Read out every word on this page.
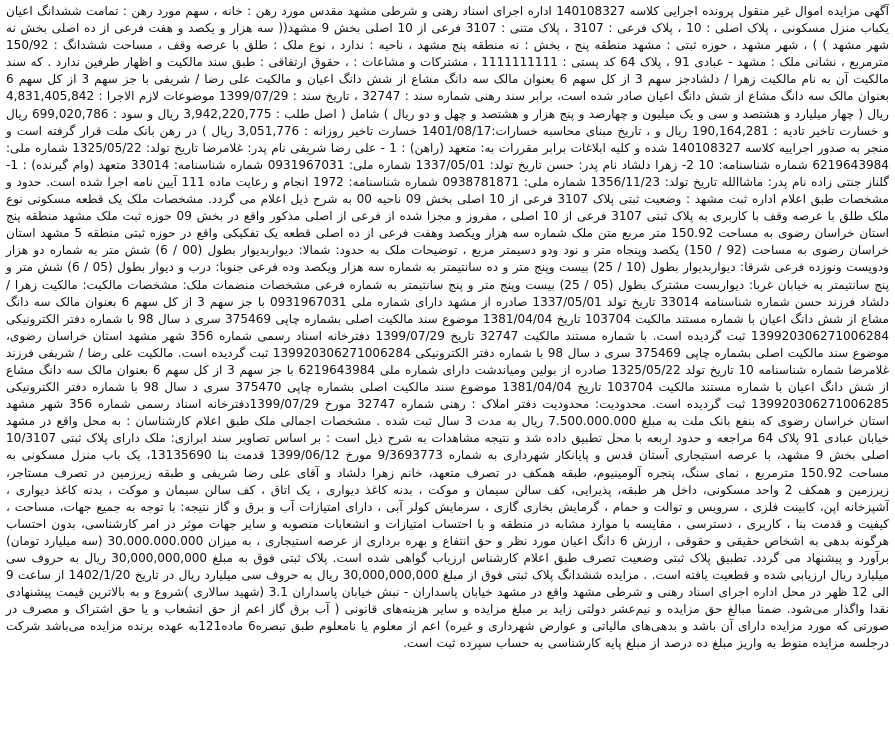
آگهی مزایده اموال غیر منقول پرونده اجرایی کلاسه 140108327 اداره اجرای اسناد رهنی و شرطی مشهد مقدس مورد رهن : خانه ، سهم مورد رهن : تمامت ششدانگ اعیان یکباب منزل مسکونی ، پلاک اصلی : 10 ، پلاک فرعی : 3107 ، پلاک متنی : 3107 فرعی از 10 اصلی بخش 9 مشهد(( سه هزار و یکصد و هفت فرعی از ده اصلی بخش نه شهر مشهد ) ) ، شهر مشهد ، حوزه ثبتی : مشهد منطقه پنج ، بخش : نه منطقه پنج مشهد ، ناحیه : ندارد ، نوع ملک : طلق با عرصه وقف ، مساحت ششدانگ : 150/92 مترمربع ، نشانی ملک : مشهد - عبادی 91 ، پلاک 64 کد پستی : 1111111111 ، مشترکات و مشاعات : ، حقوق ارتفاقی : طبق سند مالکیت و اظهار طرفین ندارد . که سند مالکیت آن به نام مالکیت زهرا / دلشادجز سهم 3 از کل سهم 6 بعنوان مالک سه دانگ مشاع از شش دانگ اعیان و مالکیت علی رضا / شریفی با جز سهم 3 از کل سهم 6 بعنوان مالک سه دانگ مشاع از شش دانگ اعیان صادر شده است، برابر سند رهنی شماره سند : 32747 ، تاریخ سند : 1399/07/29 موضوعات لازم الاجرا : 4,831,405,842 ریال ( چهار میلیارد و هشتصد و سی و یک میلیون و چهارصد و پنج هزار و هشتصد و چهل و دو ریال ) شامل ( اصل طلب : 3,942,220,775 ریال و سود : 699,020,786 ریال و خسارت تاخیر تادیه : 190,164,281 ریال و ، تاریخ مبنای محاسبه خسارات:1401/08/17 خسارت تاخیر روزانه : 3,051,776 ریال ) در رهن بانک ملت قرار گرفته است و منجر به صدور اجراییه کلاسه 140108327 شده و کلیه ابلاغات برابر مقررات به: متعهد (راهن) : 1 - علی رضا شریفی نام پدر: غلامرضا تاریخ تولد: 1325/05/22 شماره ملی: 6219643984 شماره شناسنامه: 10 2- زهرا دلشاد نام پدر: حسن تاریخ تولد: 1337/05/01 شماره ملی: 0931967031 شماره شناسنامه: 33014 متعهد (وام گیرنده) : 1- گلناز جنتی زاده نام پدر: ماشاالله تاریخ تولد: 1356/11/23 شماره ملی: 0938781871 شماره شناسنامه: 1972 انجام و رعایت ماده 111 آیین نامه اجرا شده است. حدود و مشخصات طبق اعلام اداره ثبت مشهد : وضعیت ثبتی پلاک 3107 فرعی از 10 اصلی بخش 09 ناحیه 00 به شرح ذیل اعلام می گردد. مشخصات ملک یک قطعه مسکونی نوع ملک طلق با عرصه وقف با کاربری به پلاک ثبتی 3107 فرعی از 10 اصلی ، مفروز و مجزا شده از فرعی از اصلی مذکور واقع در بخش 09 حوزه ثبت ملک مشهد منطقه پنج استان خراسان رضوی به مساحت 150.92 متر مربع متن ملک شماره سه هزار ویکصد وهفت فرعی از ده اصلی قطعه یک تفکیکی واقع در حوزه ثبتی منطقه 5 مشهد استان خراسان رضوی به مساحت (92 / 150) یکصد وپنجاه متر و نود ودو دسیمتر مربع ، توضیحات ملک به حدود: شمالا: دیواربدیوار بطول (00 / 6) شش متر به شماره دو هزار ودویست ونوزده فرعی شرقا: دیواربدیوار بطول (10 / 25) بیست وپنج متر و ده سانتیمتر به شماره سه هزار ویکصد وده فرعی جنوبا: درب و دیوار بطول (05 / 6) شش متر و پنج سانتیمتر به خیابان غربا: دیواربست مشترک بطول (05 / 25) بیست وپنج متر و پنج سانتیمتر به شماره فرعی مشخصات منضمات ملک: مشخصات مالکیت: مالکیت زهرا / دلشاد فرزند حسن شماره شناسنامه 33014 تاریخ تولد 1337/05/01 صادره از مشهد دارای شماره ملی 0931967031 با جز سهم 3 از کل سهم 6 بعنوان مالک سه دانگ مشاع از شش دانگ اعیان با شماره مستند مالکیت 103704 تاریخ 1381/04/04 موضوع سند مالکیت اصلی بشماره چاپی 375469 سری د سال 98 با شماره دفتر الکترونیکی 139920306271006284 ثبت گردیده است. با شماره مستند مالکیت 32747 تاریخ 1399/07/29 دفترخانه اسناد رسمی شماره 356 شهر مشهد استان خراسان رضوی، موضوع سند مالکیت اصلی بشماره چاپی 375469 سری د سال 98 با شماره دفتر الکترونیکی 139920306271006284 ثبت گردیده است. مالکیت علی رضا / شریفی فرزند غلامرضا شماره شناسنامه 10 تاریخ تولد 1325/05/22 صادره از بولین ومیاندشت دارای شماره ملی 6219643984 با جز سهم 3 از کل سهم 6 بعنوان مالک سه دانگ مشاع از شش دانگ اعیان با شماره مستند مالکیت 103704 تاریخ 1381/04/04 موضوع سند مالکیت اصلی بشماره چاپی 375470 سری د سال 98 با شماره دفتر الکترونیکی 139920306271006285 ثبت گردیده است. محدودیت: محدودیت دفتر املاک : رهنی شماره 32747 مورخ 1399/07/29دفترخانه اسناد رسمی شماره 356 شهر مشهد استان خراسان رضوی که بنفع بانک ملت به مبلغ 7.500.000.000 ریال به مدت 3 سال ثبت شده . مشخصات اجمالی ملک طبق اعلام کارشناسان : به محل واقع در مشهد خیابان عبادی 91 پلاک 64 مراجعه و حدود اربعه با محل تطبیق داده شد و نتیجه مشاهدات به شرح ذیل است : بر اساس تصاویر سند ابرازی: ملک دارای پلاک ثبتی 10/3107 اصلی بخش 9 مشهد، با عرصه استیجاری آستان قدس و پایانکار شهرداری به شماره 9/3693773 مورخ 1399/06/12 قدمت بنا 13135690، یک باب منزل مسکونی به مساحت 150.92 مترمربع ، نمای سنگ، پنجره آلومینیوم، طبقه همکف در تصرف متعهد، خانم زهرا دلشاد و آقای علی رضا شریفی و طبقه زیرزمین در تصرف مستاجر، زیرزمین و همکف 2 واحد مسکونی، داخل هر طبقه، پذیرایی، کف سالن سیمان و موکت ، بدنه کاغذ دیواری ، یک اتاق ، کف سالن سیمان و موکت ، بدنه کاغذ دیواری ، آشپزخانه اپن، کابینت فلزی ، سرویس و توالت و حمام ، گرمایش بخاری گازی ، سرمایش کولر آبی ، دارای امتیازات آب و برق و گاز نتیجه: با توجه به جمیع جهات، مساحت ، کیفیت و قدمت بنا ، کاربری ، دسترسی ، مقایسه با موارد مشابه در منطقه و با احتساب امتیازات و انشعابات منصوبه و سایر جهات موثر در امر کارشناسی، بدون احتساب هرگونه بدهی به اشخاص حقیقی و حقوقی ، ارزش 6 دانگ اعیان مورد نظر و حق انتفاع و بهره برداری از عرصه استیجاری ، به میزان 30.000.000.000 (سه میلیارد تومان) برآورد و پیشنهاد می گردد. تطبیق پلاک ثبتی وضعیت تصرف طبق اعلام کارشناس ارزیاب گواهی شده است. پلاک ثبتی فوق به مبلغ 30,000,000,000 ریال به حروف سی میلیارد ریال ارزیابی شده و قطعیت یافته است. . مزایده ششدانگ پلاک ثبتی فوق از مبلغ 30,000,000,000 ریال به حروف سی میلیارد ریال در تاریخ 1402/1/20 از ساعت 9 الی 12 ظهر در محل اداره اجرای اسناد رهنی و شرطی مشهد واقع در مشهد خیابان پاسداران - نبش خیابان پاسداران 3.1 (شهید سالاری )شروع و به بالاترین قیمت پیشنهادی نقدا واگذار می‌شود. ضمنا مبالغ حق مزایده و نیم‌عشر دولتی زاید بر مبلغ مزایده و سایر هزینه‌های قانونی ( آب برق گاز اعم از حق انشعاب و یا حق اشتراک و مصرف در صورتی که مورد مزایده دارای آن باشد و بدهی‌های مالیاتی و عوارض شهرداری و غیره) اعم از معلوم یا نامعلوم طبق تبصره6 ماده121به عهده برنده مزایده می‌باشد شرکت درجلسه مزایده منوط به واریز مبلغ ده درصد از مبلغ پایه کارشناسی به حساب سپرده ثبت است.
